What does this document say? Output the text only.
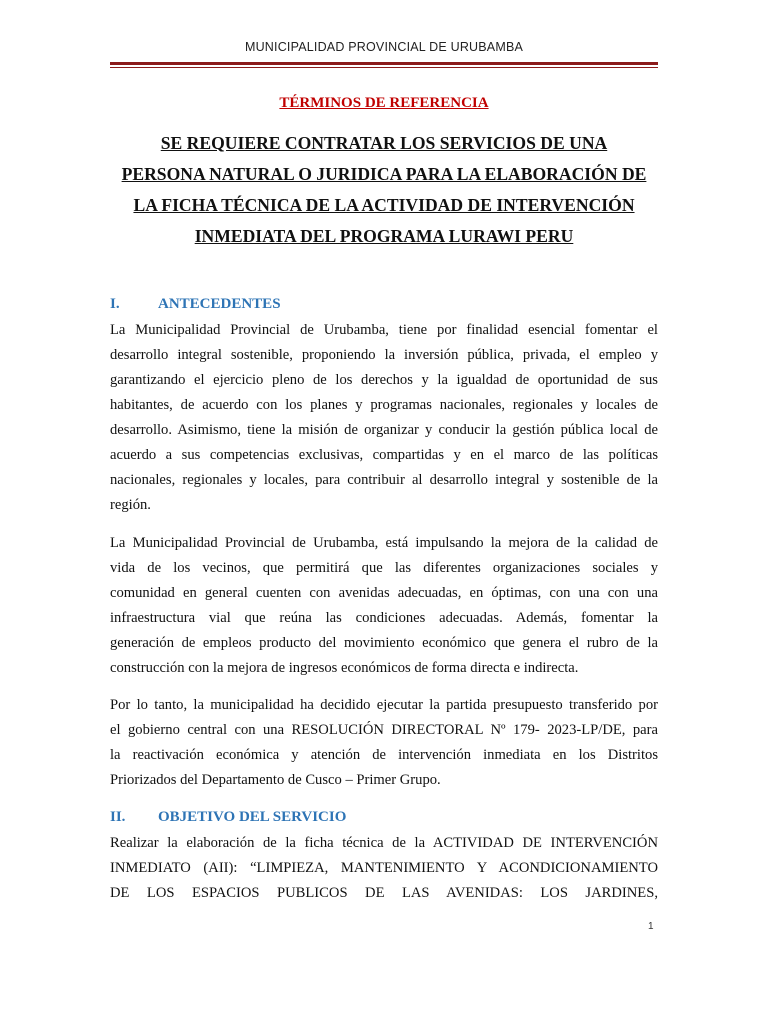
MUNICIPALIDAD PROVINCIAL DE URUBAMBA
TÉRMINOS DE REFERENCIA
SE REQUIERE CONTRATAR LOS SERVICIOS DE UNA
PERSONA NATURAL O JURIDICA PARA LA ELABORACIÓN DE
LA FICHA TÉCNICA DE LA ACTIVIDAD DE INTERVENCIÓN
INMEDIATA DEL PROGRAMA LURAWI PERU
I.	ANTECEDENTES

La Municipalidad Provincial de Urubamba, tiene por finalidad esencial fomentar el
desarrollo integral sostenible, proponiendo la inversión pública, privada, el empleo y
garantizando el ejercicio pleno de los derechos y la igualdad de oportunidad de sus
habitantes, de acuerdo con los planes y programas nacionales, regionales y locales de
desarrollo. Asimismo, tiene la misión de organizar y conducir la gestión pública local de
acuerdo a sus competencias exclusivas, compartidas y en el marco de las políticas
nacionales, regionales y locales, para contribuir al desarrollo integral y sostenible de la
región.

La Municipalidad Provincial de Urubamba, está impulsando la mejora de la calidad de
vida de los vecinos, que permitirá que las diferentes organizaciones sociales y
comunidad en general cuenten con avenidas adecuadas, en óptimas, con una con una
infraestructura vial que reúna las condiciones adecuadas. Además, fomentar la
generación de empleos producto del movimiento económico que genera el rubro de la
construcción con la mejora de ingresos económicos de forma directa e indirecta.

Por lo tanto, la municipalidad ha decidido ejecutar la partida presupuesto transferido por
el gobierno central con una RESOLUCIÓN DIRECTORAL Nº 179- 2023-LP/DE, para
la reactivación económica y atención de intervención inmediata en los Distritos
Priorizados del Departamento de Cusco – Primer Grupo.

II. OBJETIVO DEL SERVICIO

Realizar la elaboración de la ficha técnica de la ACTIVIDAD DE INTERVENCIÓN
INMEDIATO (AII): “LIMPIEZA, MANTENIMIENTO Y ACONDICIONAMIENTO
DE LOS ESPACIOS PUBLICOS DE LAS AVENIDAS: LOS JARDINES,

1
